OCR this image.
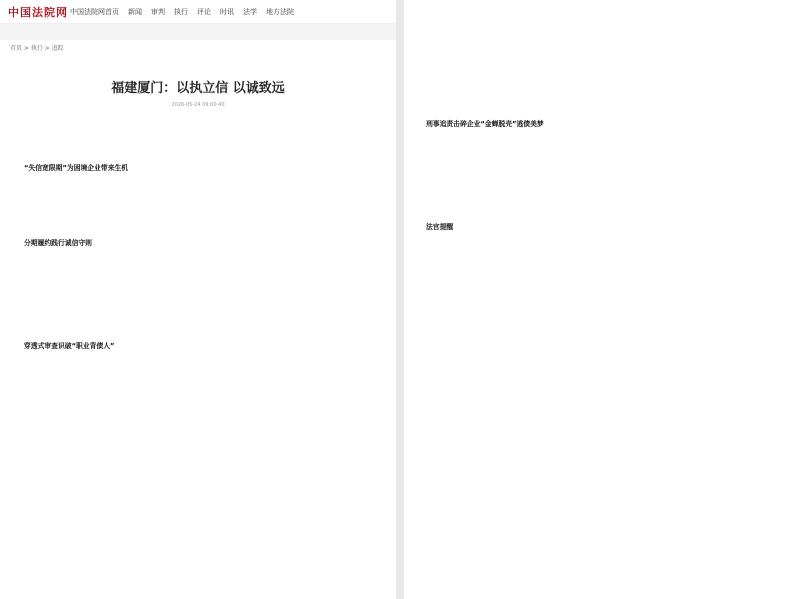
中国法院网 中国法院网首页 新闻 审判 执行 评论 时讯 法学 地方法院
首页 > 执行 > 追踪
福建厦门：以执立信 以诚致远
2026-05-24 09:00:40
“失信宽限期”为困境企业带来生机
分期履约践行诚信守则
穿透式审查识破“职业背债人”
刑事追责击碎企业“金蝉脱壳”逃债美梦
法官提醒
